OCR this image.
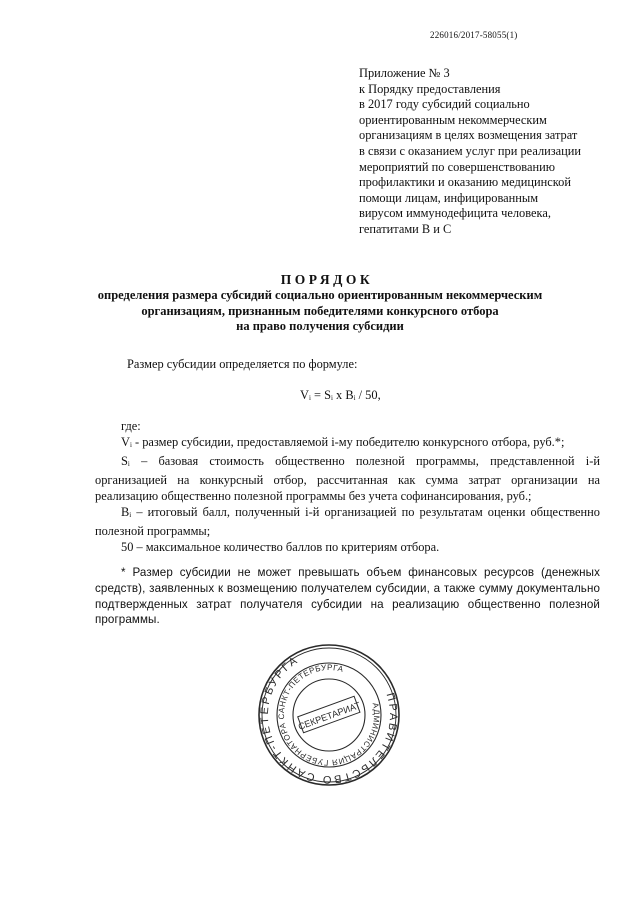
226016/2017-58055(1)
Приложение № 3
к Порядку предоставления
в 2017 году субсидий социально
ориентированным некоммерческим
организациям в целях возмещения затрат
в связи с оказанием услуг при реализации
мероприятий по совершенствованию
профилактики и оказанию медицинской
помощи лицам, инфицированным
вирусом иммунодефицита человека,
гепатитами В и С
ПОРЯДОК
определения размера субсидий социально ориентированным некоммерческим
организациям, признанным победителями конкурсного отбора
на право получения субсидии
Размер субсидии определяется по формуле:
Vi = Si x Bi / 50,

где:

Vi - размер субсидии, предоставляемой i-му победителю конкурсного отбора, руб.*;

Si – базовая стоимость общественно полезной программы, представленной i-й организацией на конкурсный отбор, рассчитанная как сумма затрат организации на реализацию общественно полезной программы без учета софинансирования, руб.;

Bi – итоговый балл, полученный i-й организацией по результатам оценки общественно полезной программы;

50 – максимальное количество баллов по критериям отбора.

* Размер субсидии не может превышать объем финансовых ресурсов (денежных средств), заявленных к возмещению получателем субсидии, а также сумму документально подтвержденных затрат получателя субсидии на реализацию общественно полезной программы.
ПРАВИТЕЛЬСТВО САНКТ-ПЕТЕРБУРГА
АДМИНИСТРАЦИЯ ГУБЕРНАТОРА САНКТ-ПЕТЕРБУРГА
СЕКРЕТАРИАТ
